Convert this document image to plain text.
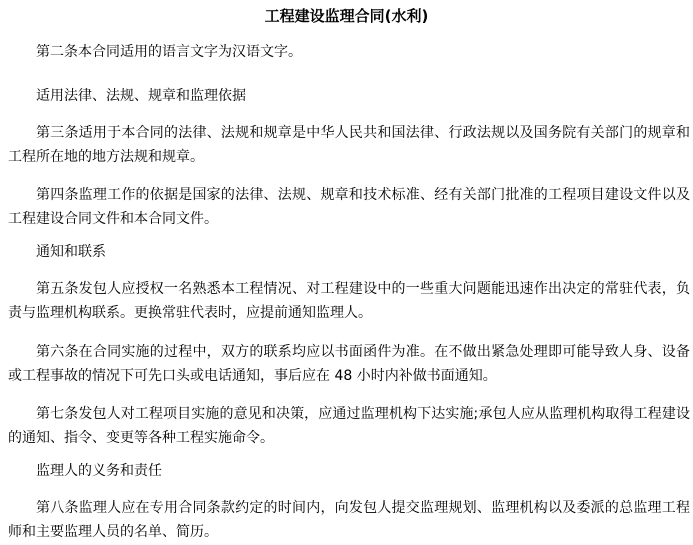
工程建设监理合同(水利)

第二条本合同适用的语言文字为汉语文字。

适用法律、法规、规章和监理依据

第三条适用于本合同的法律、法规和规章是中华人民共和国法律、行政法规以及国务院有关部门的规章和工程所在地的地方法规和规章。

第四条监理工作的依据是国家的法律、法规、规章和技术标准、经有关部门批准的工程项目建设文件以及工程建设合同文件和本合同文件。

通知和联系

第五条发包人应授权一名熟悉本工程情况、对工程建设中的一些重大问题能迅速作出决定的常驻代表，负责与监理机构联系。更换常驻代表时，应提前通知监理人。

第六条在合同实施的过程中，双方的联系均应以书面函件为准。在不做出紧急处理即可能导致人身、设备或工程事故的情况下可先口头或电话通知，事后应在 48 小时内补做书面通知。

第七条发包人对工程项目实施的意见和决策，应通过监理机构下达实施;承包人应从监理机构取得工程建设的通知、指令、变更等各种工程实施命令。

监理人的义务和责任

第八条监理人应在专用合同条款约定的时间内，向发包人提交监理规划、监理机构以及委派的总监理工程师和主要监理人员的名单、简历。
